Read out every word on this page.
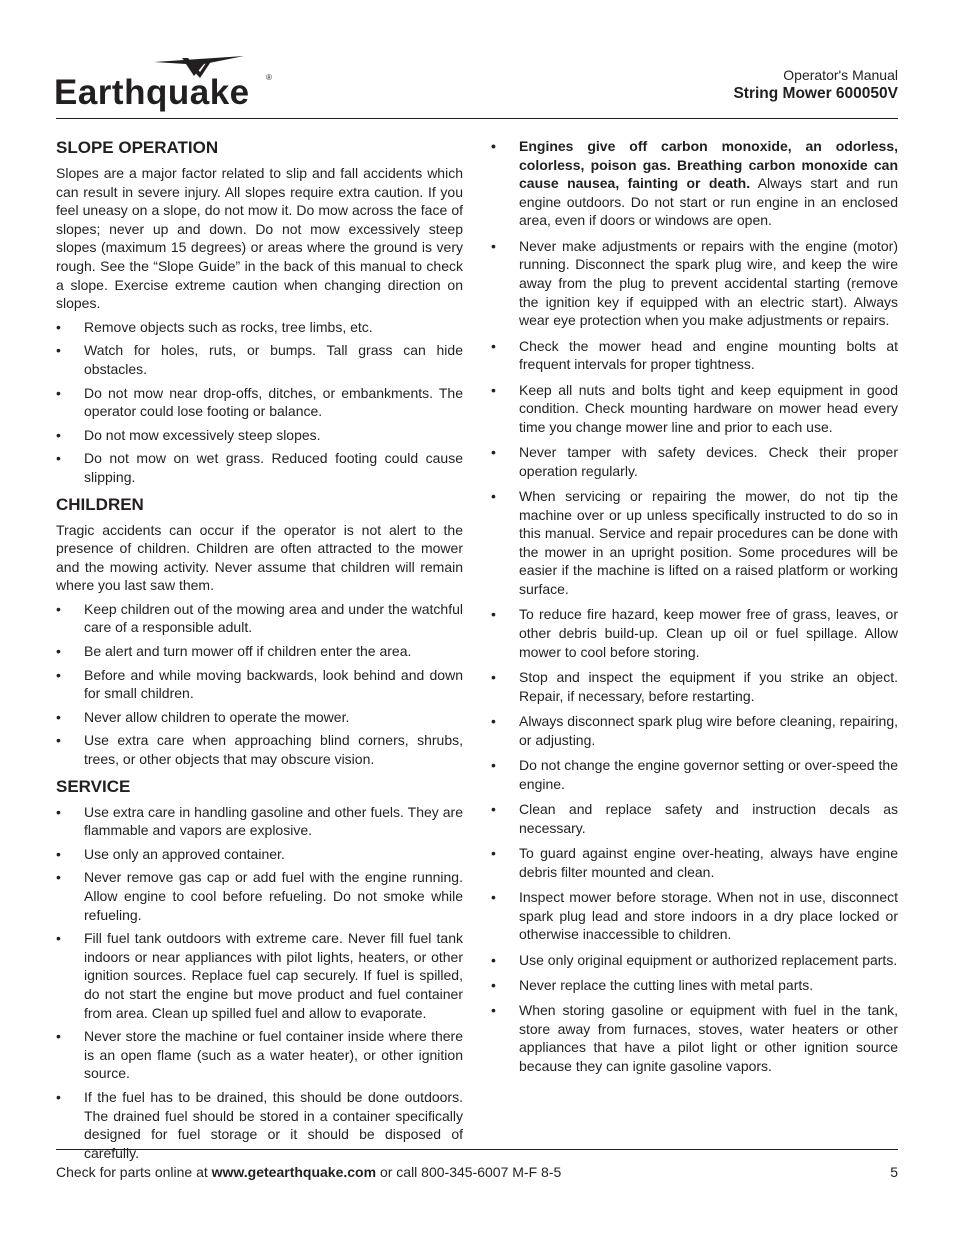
Earthquake ®	Operator's Manual
String Mower 600050V
SLOPE OPERATION

Slopes are a major factor related to slip and fall accidents which can result in severe injury. All slopes require extra caution. If you feel uneasy on a slope, do not mow it. Do mow across the face of slopes; never up and down. Do not mow excessively steep slopes (maximum 15 degrees) or areas where the ground is very rough. See the “Slope Guide” in the back of this manual to check a slope. Exercise extreme caution when changing direction on slopes.

•	Remove objects such as rocks, tree limbs, etc.
•	Watch for holes, ruts, or bumps. Tall grass can hide obstacles.
•	Do not mow near drop-offs, ditches, or embankments. The operator could lose footing or balance.
•	Do not mow excessively steep slopes.
•	Do not mow on wet grass. Reduced footing could cause slipping.
CHILDREN

Tragic accidents can occur if the operator is not alert to the presence of children. Children are often attracted to the mower and the mowing activity. Never assume that children will remain where you last saw them.

•	Keep children out of the mowing area and under the watchful care of a responsible adult.
•	Be alert and turn mower off if children enter the area.
•	Before and while moving backwards, look behind and down for small children.
•	Never allow children to operate the mower.
•	Use extra care when approaching blind corners, shrubs, trees, or other objects that may obscure vision.
SERVICE
•	Use extra care in handling gasoline and other fuels. They are flammable and vapors are explosive.
•	Use only an approved container.
•	Never remove gas cap or add fuel with the engine running. Allow engine to cool before refueling. Do not smoke while refueling.
•	Fill fuel tank outdoors with extreme care. Never fill fuel tank indoors or near appliances with pilot lights, heaters, or other ignition sources. Replace fuel cap securely. If fuel is spilled, do not start the engine but move product and fuel container from area. Clean up spilled fuel and allow to evaporate.
•	Never store the machine or fuel container inside where there is an open flame (such as a water heater), or other ignition source.
•	If the fuel has to be drained, this should be done outdoors. The drained fuel should be stored in a container specifically designed for fuel storage or it should be disposed of carefully.
•	Engines give off carbon monoxide, an odorless, colorless, poison gas. Breathing carbon monoxide can cause nausea, fainting or death. Always start and run engine outdoors. Do not start or run engine in an enclosed area, even if doors or windows are open.
•	Never make adjustments or repairs with the engine (motor) running. Disconnect the spark plug wire, and keep the wire away from the plug to prevent accidental starting (remove the ignition key if equipped with an electric start). Always wear eye protection when you make adjustments or repairs.
•	Check the mower head and engine mounting bolts at frequent intervals for proper tightness.
•	Keep all nuts and bolts tight and keep equipment in good condition. Check mounting hardware on mower head every time you change mower line and prior to each use.
•	Never tamper with safety devices. Check their proper operation regularly.
•	When servicing or repairing the mower, do not tip the machine over or up unless specifically instructed to do so in this manual. Service and repair procedures can be done with the mower in an upright position. Some procedures will be easier if the machine is lifted on a raised platform or working surface.
•	To reduce fire hazard, keep mower free of grass, leaves, or other debris build-up. Clean up oil or fuel spillage. Allow mower to cool before storing.
•	Stop and inspect the equipment if you strike an object. Repair, if necessary, before restarting.
•	Always disconnect spark plug wire before cleaning, repairing, or adjusting.
•	Do not change the engine governor setting or over-speed the engine.
•	Clean and replace safety and instruction decals as necessary.
•	To guard against engine over-heating, always have engine debris filter mounted and clean.
•	Inspect mower before storage. When not in use, disconnect spark plug lead and store indoors in a dry place locked or otherwise inaccessible to children.
•	Use only original equipment or authorized replacement parts.
•	Never replace the cutting lines with metal parts.
•	When storing gasoline or equipment with fuel in the tank, store away from furnaces, stoves, water heaters or other appliances that have a pilot light or other ignition source because they can ignite gasoline vapors.
Check for parts online at www.getearthquake.com or call 800-345-6007 M-F 8-5	5
